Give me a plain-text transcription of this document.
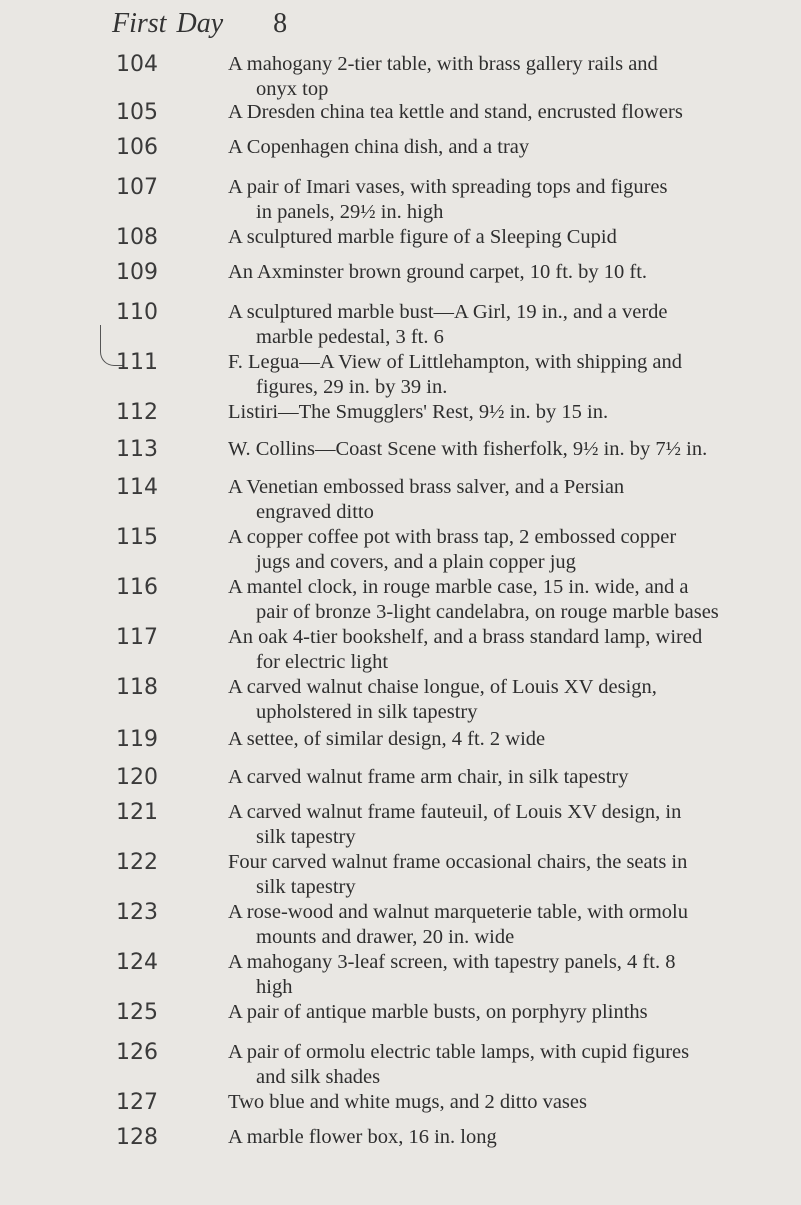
First Day 8
104	A mahogany 2-tier table, with brass gallery rails and
onyx top
105	A Dresden china tea kettle and stand, encrusted flowers
106	A Copenhagen china dish, and a tray
107	A pair of Imari vases, with spreading tops and figures
in panels, 29½ in. high
108	A sculptured marble figure of a Sleeping Cupid
109	An Axminster brown ground carpet, 10 ft. by 10 ft.
110	A sculptured marble bust—A Girl, 19 in., and a verde
marble pedestal, 3 ft. 6
111	F. Legua—A View of Littlehampton, with shipping and
figures, 29 in. by 39 in.
112	Listiri—The Smugglers' Rest, 9½ in. by 15 in.
113	W. Collins—Coast Scene with fisherfolk, 9½ in. by 7½ in.
114	A Venetian embossed brass salver, and a Persian
engraved ditto
115	A copper coffee pot with brass tap, 2 embossed copper
jugs and covers, and a plain copper jug
116	A mantel clock, in rouge marble case, 15 in. wide, and a
pair of bronze 3-light candelabra, on rouge marble bases
117	An oak 4-tier bookshelf, and a brass standard lamp, wired
for electric light
118	A carved walnut chaise longue, of Louis XV design,
upholstered in silk tapestry
119	A settee, of similar design, 4 ft. 2 wide
120	A carved walnut frame arm chair, in silk tapestry
121	A carved walnut frame fauteuil, of Louis XV design, in
silk tapestry
122	Four carved walnut frame occasional chairs, the seats in
silk tapestry
123	A rose-wood and walnut marqueterie table, with ormolu
mounts and drawer, 20 in. wide
124	A mahogany 3-leaf screen, with tapestry panels, 4 ft. 8
high
125	A pair of antique marble busts, on porphyry plinths
126	A pair of ormolu electric table lamps, with cupid figures
and silk shades
127	Two blue and white mugs, and 2 ditto vases
128	A marble flower box, 16 in. long
